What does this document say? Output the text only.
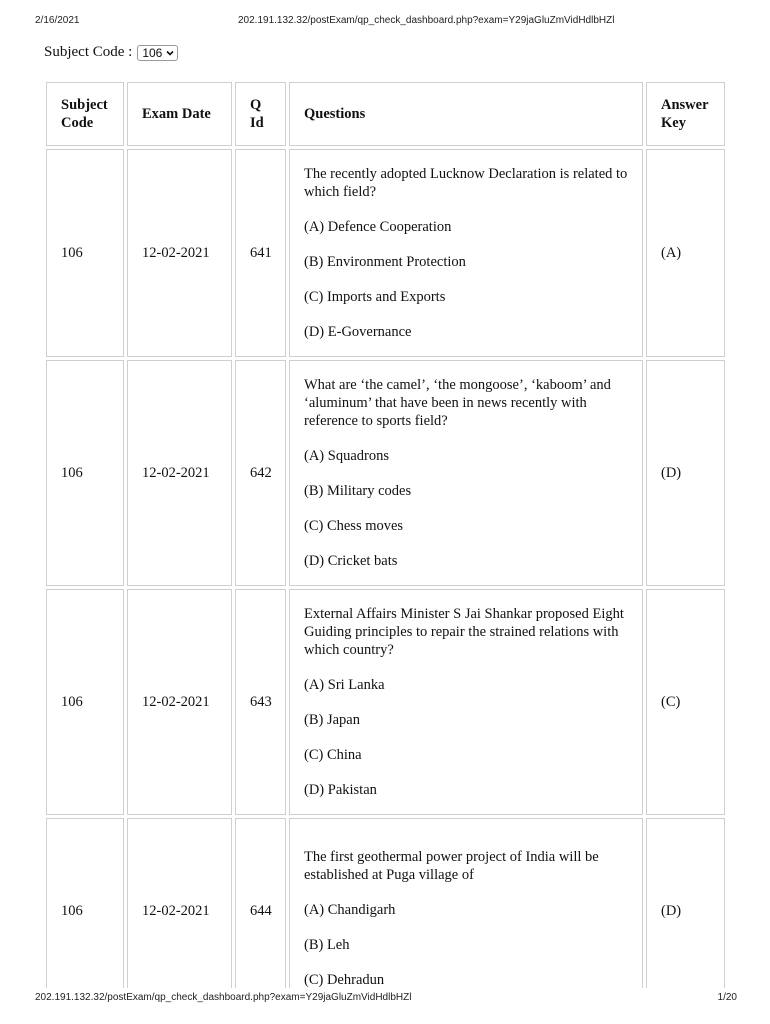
2/16/2021	202.191.132.32/postExam/qp_check_dashboard.php?exam=Y29jaGluZmVidHdlbHZl
Subject Code : 106
Subject Code	Exam Date	Q Id	Questions	Answer Key
106	12-02-2021	641	The recently adopted Lucknow Declaration is related to which field?

(A) Defence Cooperation

(B) Environment Protection

(C) Imports and Exports

(D) E-Governance	(A)
106	12-02-2021	642	What are ‘the camel’, ‘the mongoose’, ‘kaboom’ and ‘aluminum’ that have been in news recently with reference to sports field?

(A) Squadrons

(B) Military codes

(C) Chess moves

(D) Cricket bats	(D)
106	12-02-2021	643	External Affairs Minister S Jai Shankar proposed Eight Guiding principles to repair the strained relations with which country?

(A) Sri Lanka

(B) Japan

(C) China

(D) Pakistan	(C)
106	12-02-2021	644	The first geothermal power project of India will be established at Puga village of

(A) Chandigarh

(B) Leh

(C) Dehradun	(D)
202.191.132.32/postExam/qp_check_dashboard.php?exam=Y29jaGluZmVidHdlbHZl	1/20
